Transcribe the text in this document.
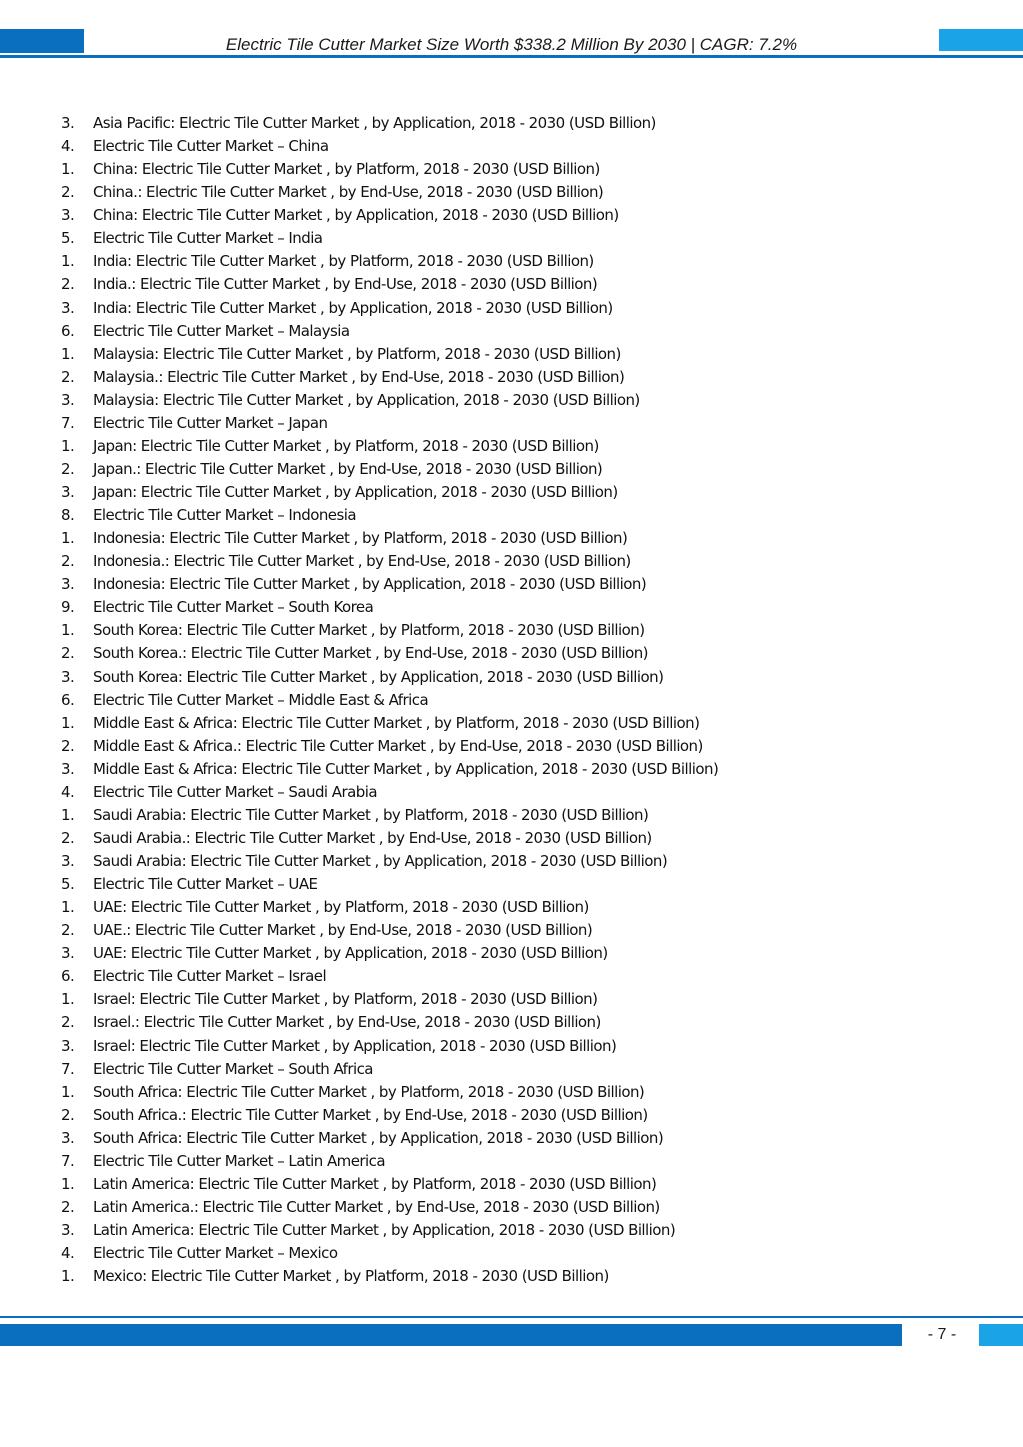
Electric Tile Cutter Market Size Worth $338.2 Million By 2030 | CAGR: 7.2%
3. Asia Pacific: Electric Tile Cutter Market , by Application, 2018 - 2030 (USD Billion)
4. Electric Tile Cutter Market – China
1. China: Electric Tile Cutter Market , by Platform, 2018 - 2030 (USD Billion)
2. China.: Electric Tile Cutter Market , by End-Use, 2018 - 2030 (USD Billion)
3. China: Electric Tile Cutter Market , by Application, 2018 - 2030 (USD Billion)
5. Electric Tile Cutter Market – India
1. India: Electric Tile Cutter Market , by Platform, 2018 - 2030 (USD Billion)
2. India.: Electric Tile Cutter Market , by End-Use, 2018 - 2030 (USD Billion)
3. India: Electric Tile Cutter Market , by Application, 2018 - 2030 (USD Billion)
6. Electric Tile Cutter Market – Malaysia
1. Malaysia: Electric Tile Cutter Market , by Platform, 2018 - 2030 (USD Billion)
2. Malaysia.: Electric Tile Cutter Market , by End-Use, 2018 - 2030 (USD Billion)
3. Malaysia: Electric Tile Cutter Market , by Application, 2018 - 2030 (USD Billion)
7. Electric Tile Cutter Market – Japan
1. Japan: Electric Tile Cutter Market , by Platform, 2018 - 2030 (USD Billion)
2. Japan.: Electric Tile Cutter Market , by End-Use, 2018 - 2030 (USD Billion)
3. Japan: Electric Tile Cutter Market , by Application, 2018 - 2030 (USD Billion)
8. Electric Tile Cutter Market – Indonesia
1. Indonesia: Electric Tile Cutter Market , by Platform, 2018 - 2030 (USD Billion)
2. Indonesia.: Electric Tile Cutter Market , by End-Use, 2018 - 2030 (USD Billion)
3. Indonesia: Electric Tile Cutter Market , by Application, 2018 - 2030 (USD Billion)
9. Electric Tile Cutter Market – South Korea
1. South Korea: Electric Tile Cutter Market , by Platform, 2018 - 2030 (USD Billion)
2. South Korea.: Electric Tile Cutter Market , by End-Use, 2018 - 2030 (USD Billion)
3. South Korea: Electric Tile Cutter Market , by Application, 2018 - 2030 (USD Billion)
6. Electric Tile Cutter Market – Middle East & Africa
1. Middle East & Africa: Electric Tile Cutter Market , by Platform, 2018 - 2030 (USD Billion)
2. Middle East & Africa.: Electric Tile Cutter Market , by End-Use, 2018 - 2030 (USD Billion)
3. Middle East & Africa: Electric Tile Cutter Market , by Application, 2018 - 2030 (USD Billion)
4. Electric Tile Cutter Market – Saudi Arabia
1. Saudi Arabia: Electric Tile Cutter Market , by Platform, 2018 - 2030 (USD Billion)
2. Saudi Arabia.: Electric Tile Cutter Market , by End-Use, 2018 - 2030 (USD Billion)
3. Saudi Arabia: Electric Tile Cutter Market , by Application, 2018 - 2030 (USD Billion)
5. Electric Tile Cutter Market – UAE
1. UAE: Electric Tile Cutter Market , by Platform, 2018 - 2030 (USD Billion)
2. UAE.: Electric Tile Cutter Market , by End-Use, 2018 - 2030 (USD Billion)
3. UAE: Electric Tile Cutter Market , by Application, 2018 - 2030 (USD Billion)
6. Electric Tile Cutter Market – Israel
1. Israel: Electric Tile Cutter Market , by Platform, 2018 - 2030 (USD Billion)
2. Israel.: Electric Tile Cutter Market , by End-Use, 2018 - 2030 (USD Billion)
3. Israel: Electric Tile Cutter Market , by Application, 2018 - 2030 (USD Billion)
7. Electric Tile Cutter Market – South Africa
1. South Africa: Electric Tile Cutter Market , by Platform, 2018 - 2030 (USD Billion)
2. South Africa.: Electric Tile Cutter Market , by End-Use, 2018 - 2030 (USD Billion)
3. South Africa: Electric Tile Cutter Market , by Application, 2018 - 2030 (USD Billion)
7. Electric Tile Cutter Market – Latin America
1. Latin America: Electric Tile Cutter Market , by Platform, 2018 - 2030 (USD Billion)
2. Latin America.: Electric Tile Cutter Market , by End-Use, 2018 - 2030 (USD Billion)
3. Latin America: Electric Tile Cutter Market , by Application, 2018 - 2030 (USD Billion)
4. Electric Tile Cutter Market – Mexico
1. Mexico: Electric Tile Cutter Market , by Platform, 2018 - 2030 (USD Billion)
- 7 -
